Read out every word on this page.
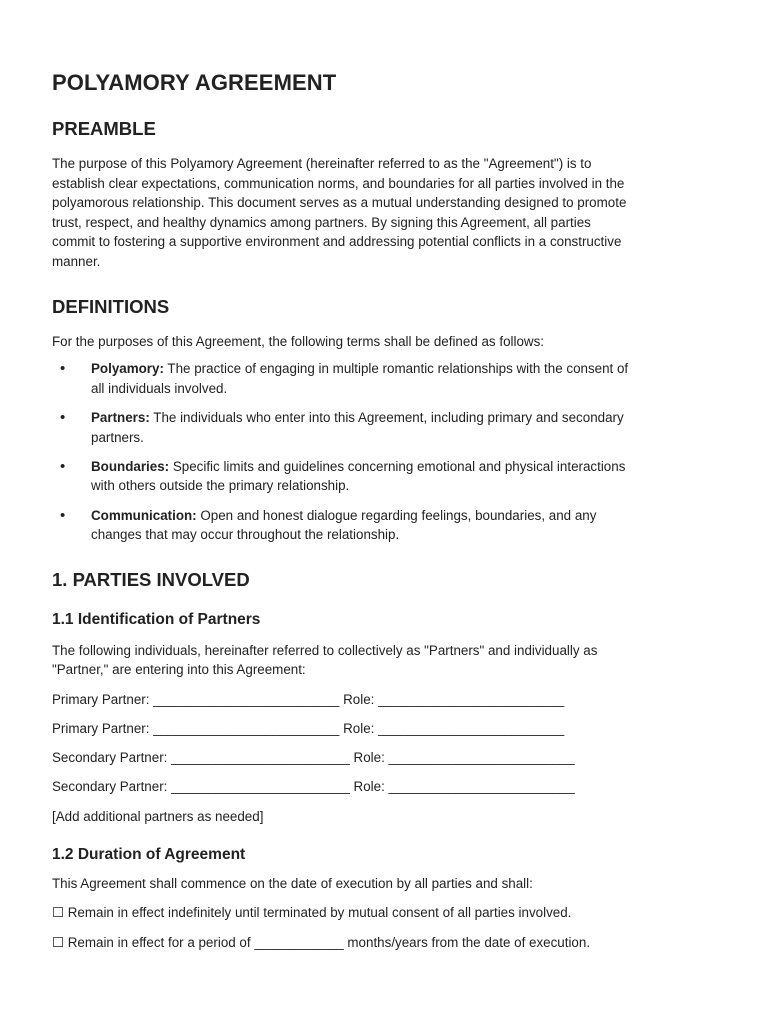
POLYAMORY AGREEMENT
PREAMBLE

The purpose of this Polyamory Agreement (hereinafter referred to as the "Agreement") is to
establish clear expectations, communication norms, and boundaries for all parties involved in the
polyamorous relationship. This document serves as a mutual understanding designed to promote
trust, respect, and healthy dynamics among partners. By signing this Agreement, all parties
commit to fostering a supportive environment and addressing potential conflicts in a constructive
manner.

DEFINITIONS

For the purposes of this Agreement, the following terms shall be defined as follows:

• Polyamory: The practice of engaging in multiple romantic relationships with the consent of
all individuals involved.
• Partners: The individuals who enter into this Agreement, including primary and secondary
partners.
• Boundaries: Specific limits and guidelines concerning emotional and physical interactions
with others outside the primary relationship.
• Communication: Open and honest dialogue regarding feelings, boundaries, and any
changes that may occur throughout the relationship.
1. PARTIES INVOLVED
1.1 Identification of Partners

The following individuals, hereinafter referred to collectively as "Partners" and individually as
"Partner," are entering into this Agreement:

Primary Partner: _________________________ Role: _________________________
Primary Partner: _________________________ Role: _________________________
Secondary Partner: ________________________ Role: _________________________
Secondary Partner: ________________________ Role: _________________________
[Add additional partners as needed]
1.2 Duration of Agreement
This Agreement shall commence on the date of execution by all parties and shall:
☐ Remain in effect indefinitely until terminated by mutual consent of all parties involved.
☐ Remain in effect for a period of ____________ months/years from the date of execution.
